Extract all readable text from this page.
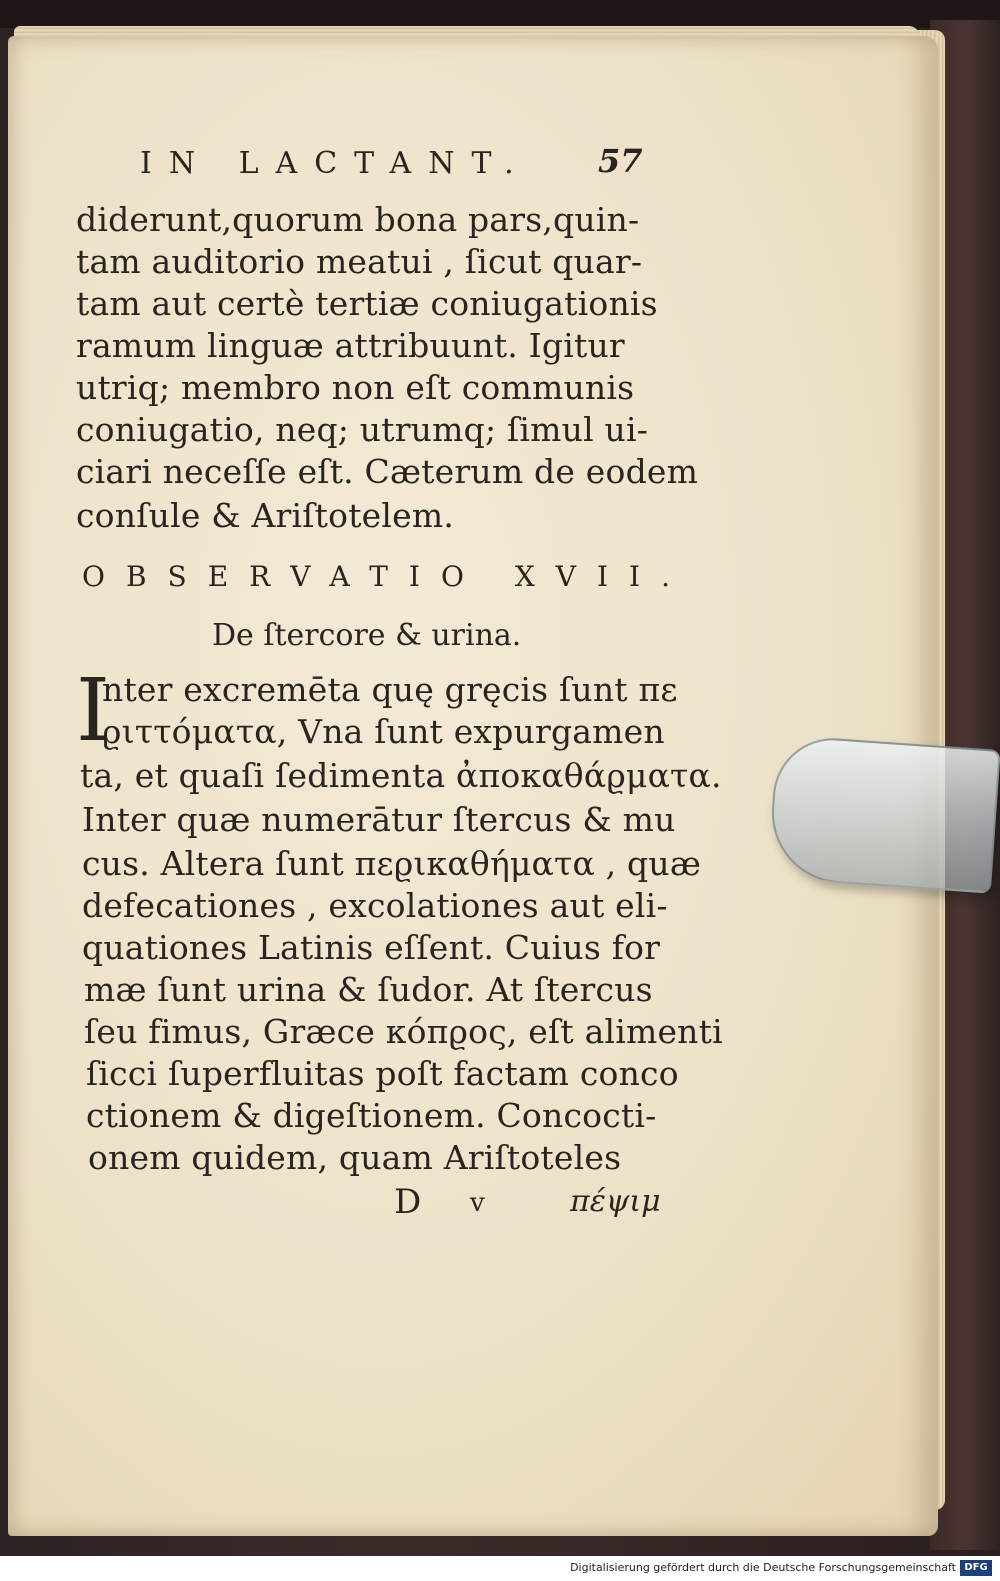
IN LACTANT. 57
diderunt,quorum bona pars,quin-
tam auditorio meatui , ſicut quar-
tam aut certè tertiæ coniugationis
ramum linguæ attribuunt. Igitur
utriq; membro non eſt communis
coniugatio, neq; utrumq; ſimul ui-
ciari neceſſe eſt. Cæterum de eodem
conſule & Ariſtotelem.
OBSERVATIO XVII.
De ſtercore & urina.
I
nter excremēta quę gręcis ſunt πε
ϱιττόματα, Vna ſunt expurgamen
ta, et quaſi ſedimenta ἀποκαθάϱματα.
Inter quæ numerātur ſtercus & mu
cus. Altera ſunt πεϱικαθήματα , quæ
defecationes , excolationes aut eli-
quationes Latinis eſſent. Cuius for
mæ ſunt urina & ſudor. At ſtercus
ſeu fimus, Græce κόπϱος, eſt alimenti
ſicci ſuperfluitas poſt factam conco
ctionem & digeſtionem. Concocti-
onem quidem, quam Ariſtoteles
D v	πέψιμ
Digitalisierung gefördert durch die Deutsche Forschungsgemeinschaft DFG
